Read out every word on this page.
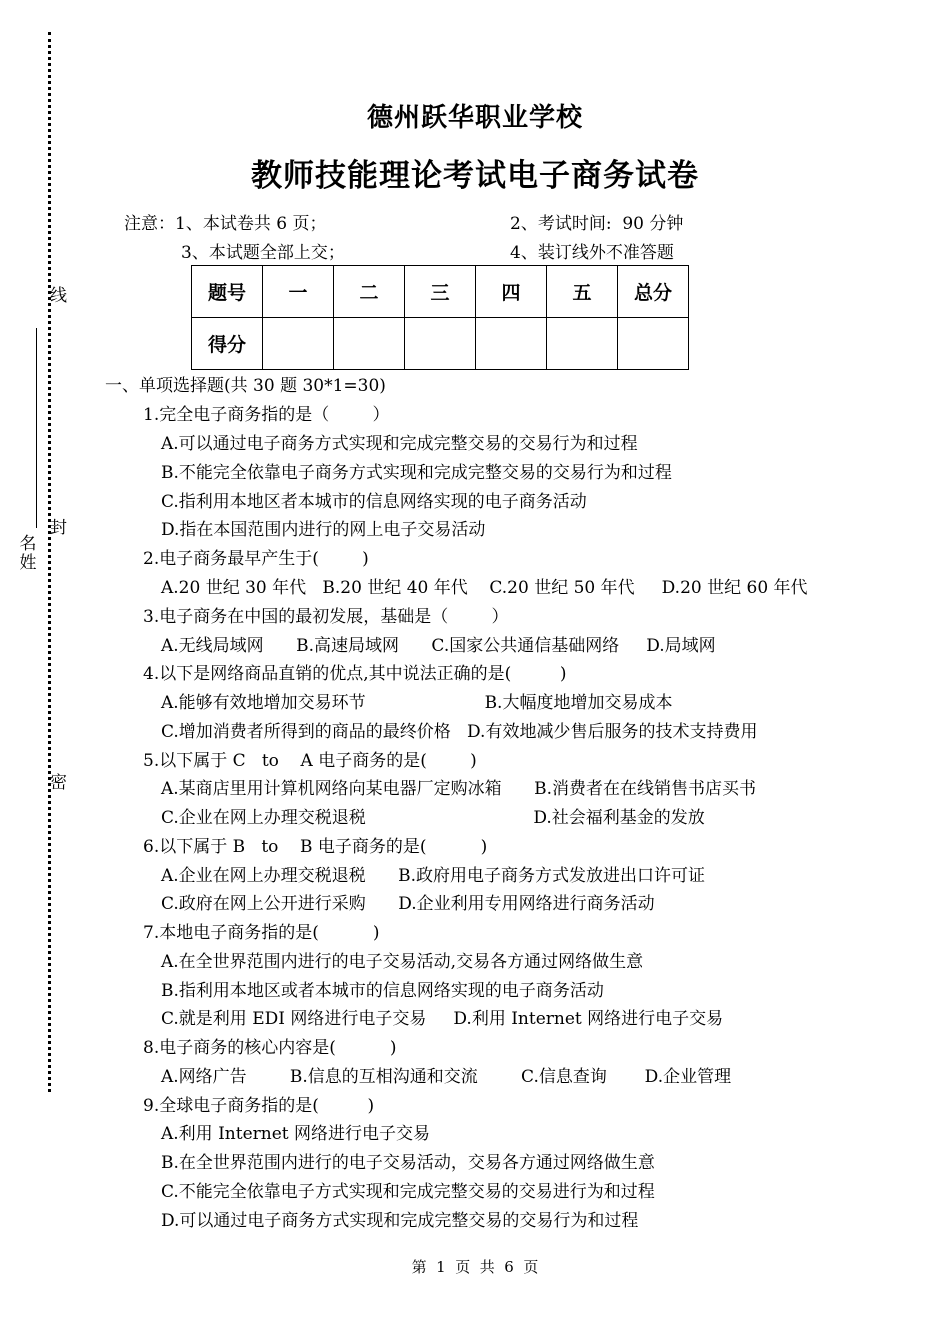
线
封
密
名
姓
德州跃华职业学校
教师技能理论考试电子商务试卷
注意：1、本试卷共 6 页；	2、考试时间:  90 分钟
3、本试题全部上交；	4、装订线外不准答题
题号	一	二	三	四	五	总分
得分						
一、单项选择题(共 30 题 30*1=30)
1.完全电子商务指的是（        ）
A.可以通过电子商务方式实现和完成完整交易的交易行为和过程
B.不能完全依靠电子商务方式实现和完成完整交易的交易行为和过程
C.指利用本地区者本城市的信息网络实现的电子商务活动
D.指在本国范围内进行的网上电子交易活动
2.电子商务最早产生于(        )
A.20 世纪 30 年代   B.20 世纪 40 年代    C.20 世纪 50 年代     D.20 世纪 60 年代
3.电子商务在中国的最初发展，基础是（        ）
A.无线局域网      B.高速局域网      C.国家公共通信基础网络     D.局域网
4.以下是网络商品直销的优点,其中说法正确的是(         )
A.能够有效地增加交易环节                      B.大幅度地增加交易成本
C.增加消费者所得到的商品的最终价格   D.有效地减少售后服务的技术支持费用
5.以下属于 C   to    A 电子商务的是(        )
A.某商店里用计算机网络向某电器厂定购冰箱      B.消费者在在线销售书店买书
C.企业在网上办理交税退税                               D.社会福利基金的发放
6.以下属于 B   to    B 电子商务的是(          )
A.企业在网上办理交税退税      B.政府用电子商务方式发放进出口许可证
C.政府在网上公开进行采购      D.企业利用专用网络进行商务活动
7.本地电子商务指的是(          )
A.在全世界范围内进行的电子交易活动,交易各方通过网络做生意
B.指利用本地区或者本城市的信息网络实现的电子商务活动
C.就是利用 EDI 网络进行电子交易     D.利用 Internet 网络进行电子交易
8.电子商务的核心内容是(          )
A.网络广告        B.信息的互相沟通和交流        C.信息查询       D.企业管理
9.全球电子商务指的是(         )
A.利用 Internet 网络进行电子交易
B.在全世界范围内进行的电子交易活动，交易各方通过网络做生意
C.不能完全依靠电子方式实现和完成完整交易的交易进行为和过程
D.可以通过电子商务方式实现和完成完整交易的交易行为和过程
第  1  页  共  6  页
